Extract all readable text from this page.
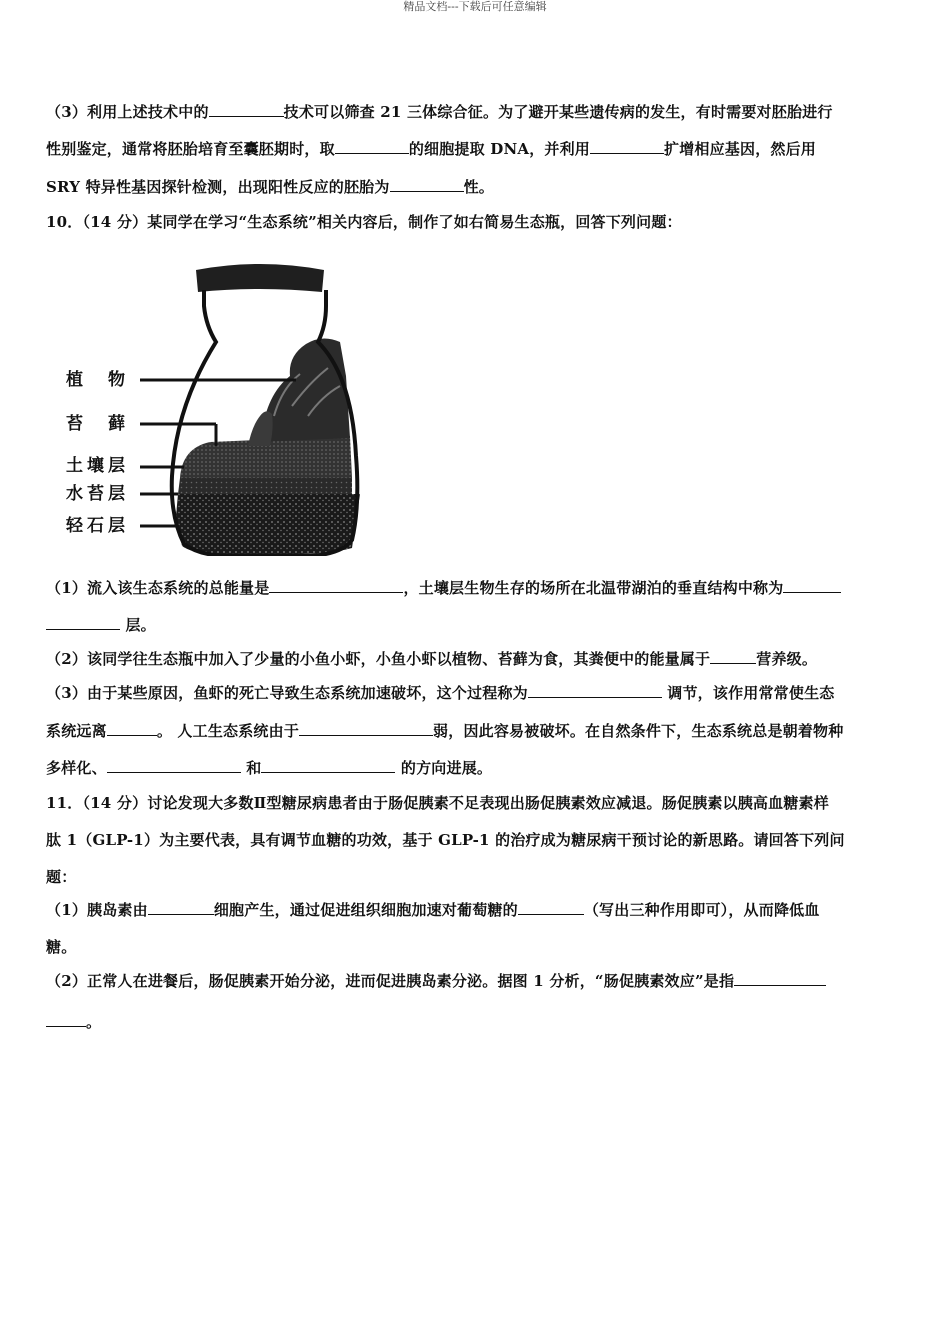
精品文档---下载后可任意编辑
（3）利用上述技术中的	技术可以筛查 21 三体综合征。为了避开某些遗传病的发生，有时需要对胚胎进行
性别鉴定，通常将胚胎培育至囊胚期时，取	的细胞提取 DNA，并利用	扩增相应基因，然后用
SRY 特异性基因探针检测，出现阳性反应的胚胎为	性。
10．（14 分）某同学在学习“生态系统”相关内容后，制作了如右简易生态瓶，回答下列问题：
植　物
苔　藓
土壤层
水苔层
轻石层
（1）流入该生态系统的总能量是	，土壤层生物生存的场所在北温带湖泊的垂直结构中称为
层。
（2）该同学往生态瓶中加入了少量的小鱼小虾，小鱼小虾以植物、苔藓为食，其粪便中的能量属于	营养级。
（3）由于某些原因，鱼虾的死亡导致生态系统加速破坏，这个过程称为	调节，该作用常常使生态
系统远离	。 人工生态系统由于	弱，因此容易被破坏。在自然条件下，生态系统总是朝着物种
多样化、	和	的方向进展。
11．（14 分）讨论发现大多数Ⅱ型糖尿病患者由于肠促胰素不足表现出肠促胰素效应减退。肠促胰素以胰高血糖素样
肽 1（GLP-1）为主要代表，具有调节血糖的功效，基于 GLP-1 的治疗成为糖尿病干预讨论的新思路。请回答下列问
题：
（1）胰岛素由	细胞产生，通过促进组织细胞加速对葡萄糖的	（写出三种作用即可），从而降低血
糖。
（2）正常人在进餐后，肠促胰素开始分泌，进而促进胰岛素分泌。据图 1 分析，“肠促胰素效应”是指
。
